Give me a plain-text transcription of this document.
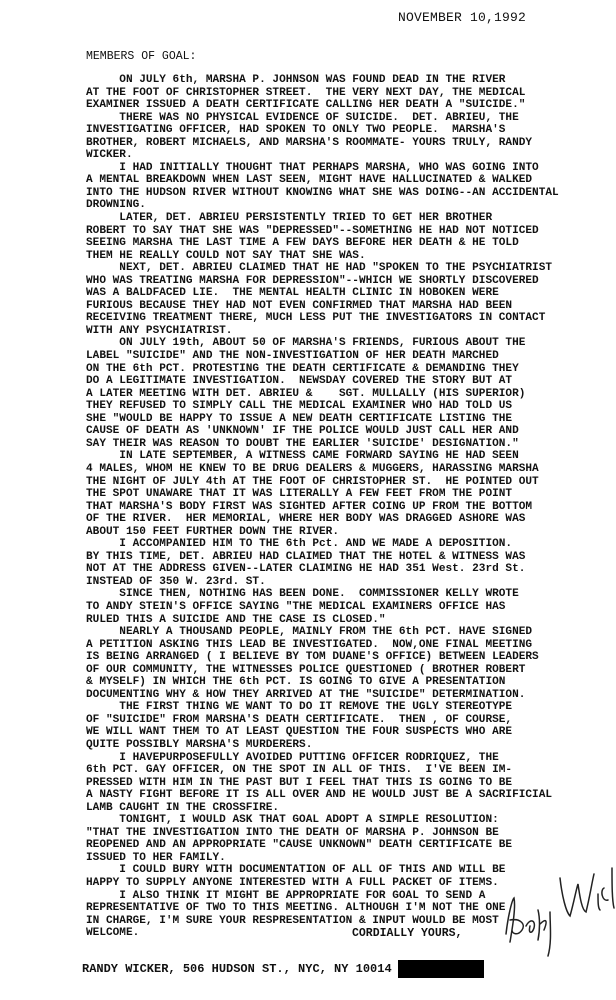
NOVEMBER 10,1992
MEMBERS OF GOAL:
ON JULY 6th, MARSHA P. JOHNSON WAS FOUND DEAD IN THE RIVER
AT THE FOOT OF CHRISTOPHER STREET.  THE VERY NEXT DAY, THE MEDICAL
EXAMINER ISSUED A DEATH CERTIFICATE CALLING HER DEATH A "SUICIDE."
THERE WAS NO PHYSICAL EVIDENCE OF SUICIDE.  DET. ABRIEU, THE
INVESTIGATING OFFICER, HAD SPOKEN TO ONLY TWO PEOPLE.  MARSHA'S
BROTHER, ROBERT MICHAELS, AND MARSHA'S ROOMMATE- YOURS TRULY, RANDY
WICKER.
I HAD INITIALLY THOUGHT THAT PERHAPS MARSHA, WHO WAS GOING INTO
A MENTAL BREAKDOWN WHEN LAST SEEN, MIGHT HAVE HALLUCINATED & WALKED
INTO THE HUDSON RIVER WITHOUT KNOWING WHAT SHE WAS DOING--AN ACCIDENTAL
DROWNING.
LATER, DET. ABRIEU PERSISTENTLY TRIED TO GET HER BROTHER
ROBERT TO SAY THAT SHE WAS "DEPRESSED"--SOMETHING HE HAD NOT NOTICED
SEEING MARSHA THE LAST TIME A FEW DAYS BEFORE HER DEATH & HE TOLD
THEM HE REALLY COULD NOT SAY THAT SHE WAS.
NEXT, DET. ABRIEU CLAIMED THAT HE HAD "SPOKEN TO THE PSYCHIATRIST
WHO WAS TREATING MARSHA FOR DEPRESSION"--WHICH WE SHORTLY DISCOVERED
WAS A BALDFACED LIE.  THE MENTAL HEALTH CLINIC IN HOBOKEN WERE
FURIOUS BECAUSE THEY HAD NOT EVEN CONFIRMED THAT MARSHA HAD BEEN
RECEIVING TREATMENT THERE, MUCH LESS PUT THE INVESTIGATORS IN CONTACT
WITH ANY PSYCHIATRIST.
ON JULY 19th, ABOUT 50 OF MARSHA'S FRIENDS, FURIOUS ABOUT THE
LABEL "SUICIDE" AND THE NON-INVESTIGATION OF HER DEATH MARCHED
ON THE 6th PCT. PROTESTING THE DEATH CERTIFICATE & DEMANDING THEY
DO A LEGITIMATE INVESTIGATION.  NEWSDAY COVERED THE STORY BUT AT
A LATER MEETING WITH DET. ABRIEU &    SGT. MULLALLY (HIS SUPERIOR)
THEY REFUSED TO SIMPLY CALL THE MEDICAL EXAMINER WHO HAD TOLD US
SHE "WOULD BE HAPPY TO ISSUE A NEW DEATH CERTIFICATE LISTING THE
CAUSE OF DEATH AS 'UNKNOWN' IF THE POLICE WOULD JUST CALL HER AND
SAY THEIR WAS REASON TO DOUBT THE EARLIER 'SUICIDE' DESIGNATION."
IN LATE SEPTEMBER, A WITNESS CAME FORWARD SAYING HE HAD SEEN
4 MALES, WHOM HE KNEW TO BE DRUG DEALERS & MUGGERS, HARASSING MARSHA
THE NIGHT OF JULY 4th AT THE FOOT OF CHRISTOPHER ST.  HE POINTED OUT
THE SPOT UNAWARE THAT IT WAS LITERALLY A FEW FEET FROM THE POINT
THAT MARSHA'S BODY FIRST WAS SIGHTED AFTER COING UP FROM THE BOTTOM
OF THE RIVER.  HER MEMORIAL, WHERE HER BODY WAS DRAGGED ASHORE WAS
ABOUT 150 FEET FURTHER DOWN THE RIVER.
I ACCOMPANIED HIM TO THE 6th Pct. AND WE MADE A DEPOSITION.
BY THIS TIME, DET. ABRIEU HAD CLAIMED THAT THE HOTEL & WITNESS WAS
NOT AT THE ADDRESS GIVEN--LATER CLAIMING HE HAD 351 West. 23rd St.
INSTEAD OF 350 W. 23rd. ST.
SINCE THEN, NOTHING HAS BEEN DONE.  COMMISSIONER KELLY WROTE
TO ANDY STEIN'S OFFICE SAYING "THE MEDICAL EXAMINERS OFFICE HAS
RULED THIS A SUICIDE AND THE CASE IS CLOSED."
NEARLY A THOUSAND PEOPLE, MAINLY FROM THE 6th PCT. HAVE SIGNED
A PETITION ASKING THIS LEAD BE INVESTIGATED.  NOW,ONE FINAL MEETING
IS BEING ARRANGED ( I BELIEVE BY TOM DUANE'S OFFICE) BETWEEN LEADERS
OF OUR COMMUNITY, THE WITNESSES POLICE QUESTIONED ( BROTHER ROBERT
& MYSELF) IN WHICH THE 6th PCT. IS GOING TO GIVE A PRESENTATION
DOCUMENTING WHY & HOW THEY ARRIVED AT THE "SUICIDE" DETERMINATION.
THE FIRST THING WE WANT TO DO IT REMOVE THE UGLY STEREOTYPE
OF "SUICIDE" FROM MARSHA'S DEATH CERTIFICATE.  THEN , OF COURSE,
WE WILL WANT THEM TO AT LEAST QUESTION THE FOUR SUSPECTS WHO ARE
QUITE POSSIBLY MARSHA'S MURDERERS.
I HAVEPURPOSEFULLY AVOIDED PUTTING OFFICER RODRIQUEZ, THE
6th PCT. GAY OFFICER, ON THE SPOT IN ALL OF THIS.  I'VE BEEN IM-
PRESSED WITH HIM IN THE PAST BUT I FEEL THAT THIS IS GOING TO BE
A NASTY FIGHT BEFORE IT IS ALL OVER AND HE WOULD JUST BE A SACRIFICIAL
LAMB CAUGHT IN THE CROSSFIRE.
TONIGHT, I WOULD ASK THAT GOAL ADOPT A SIMPLE RESOLUTION:
"THAT THE INVESTIGATION INTO THE DEATH OF MARSHA P. JOHNSON BE
REOPENED AND AN APPROPRIATE "CAUSE UNKNOWN" DEATH CERTIFICATE BE
ISSUED TO HER FAMILY.
I COULD BURY WITH DOCUMENTATION OF ALL OF THIS AND WILL BE
HAPPY TO SUPPLY ANYONE INTERESTED WITH A FULL PACKET OF ITEMS.
I ALSO THINK IT MIGHT BE APPROPRIATE FOR GOAL TO SEND A
REPRESENTATIVE OF TWO TO THIS MEETING. ALTHOUGH I'M NOT THE ONE
IN CHARGE, I'M SURE YOUR RESPRESENTATION & INPUT WOULD BE MOST
WELCOME.	CORDIALLY YOURS,
RANDY WICKER, 506 HUDSON ST., NYC, NY 10014
